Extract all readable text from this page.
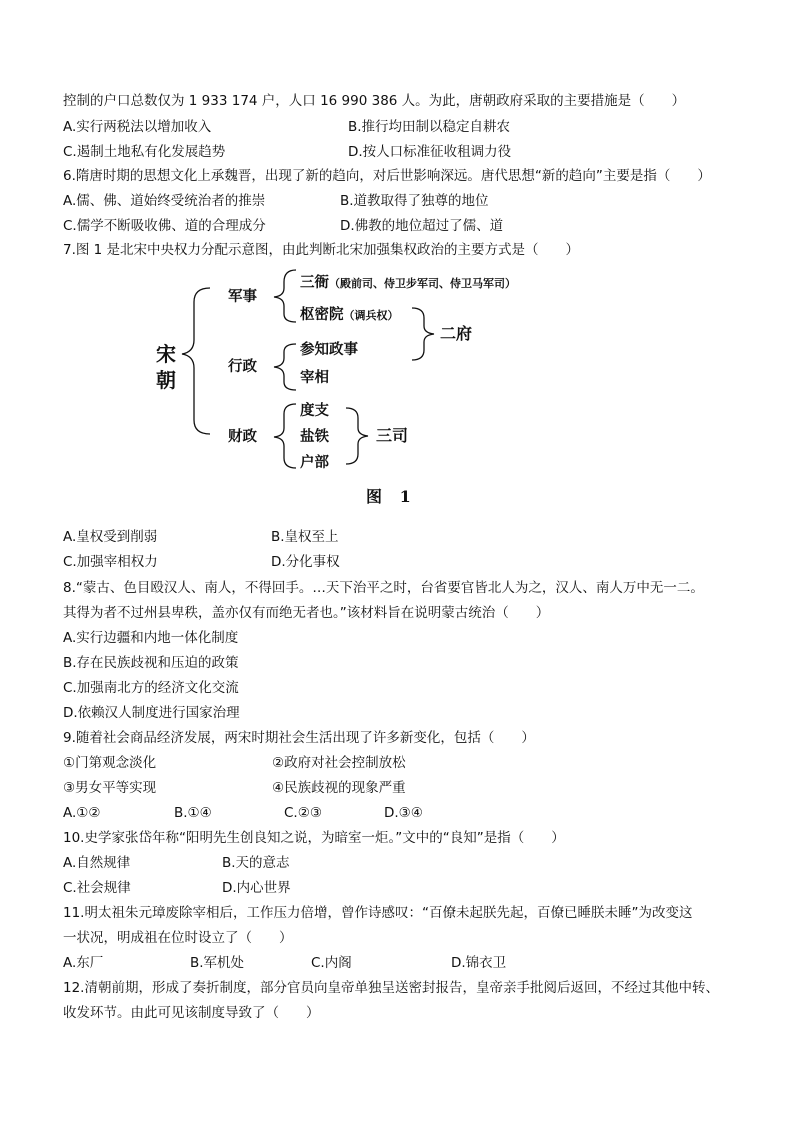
控制的户口总数仅为 1 933 174 户，人口 16 990 386 人。为此，唐朝政府采取的主要措施是（　　）
A.实行两税法以增加收入	B.推行均田制以稳定自耕农
C.遏制土地私有化发展趋势	D.按人口标准征收租调力役
6.隋唐时期的思想文化上承魏晋，出现了新的趋向，对后世影响深远。唐代思想“新的趋向”主要是指（　　）
A.儒、佛、道始终受统治者的推崇	B.道教取得了独尊的地位
C.儒学不断吸收佛、道的合理成分	D.佛教的地位超过了儒、道
7.图 1 是北宋中央权力分配示意图，由此判断北宋加强集权政治的主要方式是（　　）
宋
朝
军事
行政
财政
三衙（殿前司、侍卫步军司、侍卫马军司）
枢密院（调兵权）
参知政事
宰相
二府
度支
盐铁
户部
三司
图 1
A.皇权受到削弱	B.皇权至上
C.加强宰相权力	D.分化事权
8.“蒙古、色目殴汉人、南人，不得回手。…天下治平之时，台省要官皆北人为之，汉人、南人万中无一二。
其得为者不过州县卑秩，盖亦仅有而绝无者也。”该材料旨在说明蒙古统治（　　）
A.实行边疆和内地一体化制度
B.存在民族歧视和压迫的政策
C.加强南北方的经济文化交流
D.依赖汉人制度进行国家治理
9.随着社会商品经济发展，两宋时期社会生活出现了许多新变化，包括（　　）
①门第观念淡化	②政府对社会控制放松
③男女平等实现	④民族歧视的现象严重
A.①②	B.①④	C.②③	D.③④
10.史学家张岱年称“阳明先生创良知之说，为暗室一炬。”文中的“良知”是指（　　）
A.自然规律	B.天的意志
C.社会规律	D.内心世界
11.明太祖朱元璋废除宰相后，工作压力倍增，曾作诗感叹：“百僚未起朕先起，百僚已睡朕未睡”为改变这
一状况，明成祖在位时设立了（　　）
A.东厂	B.军机处	C.内阁	D.锦衣卫
12.清朝前期，形成了奏折制度，部分官员向皇帝单独呈送密封报告，皇帝亲手批阅后返回，不经过其他中转、
收发环节。由此可见该制度导致了（　　）
